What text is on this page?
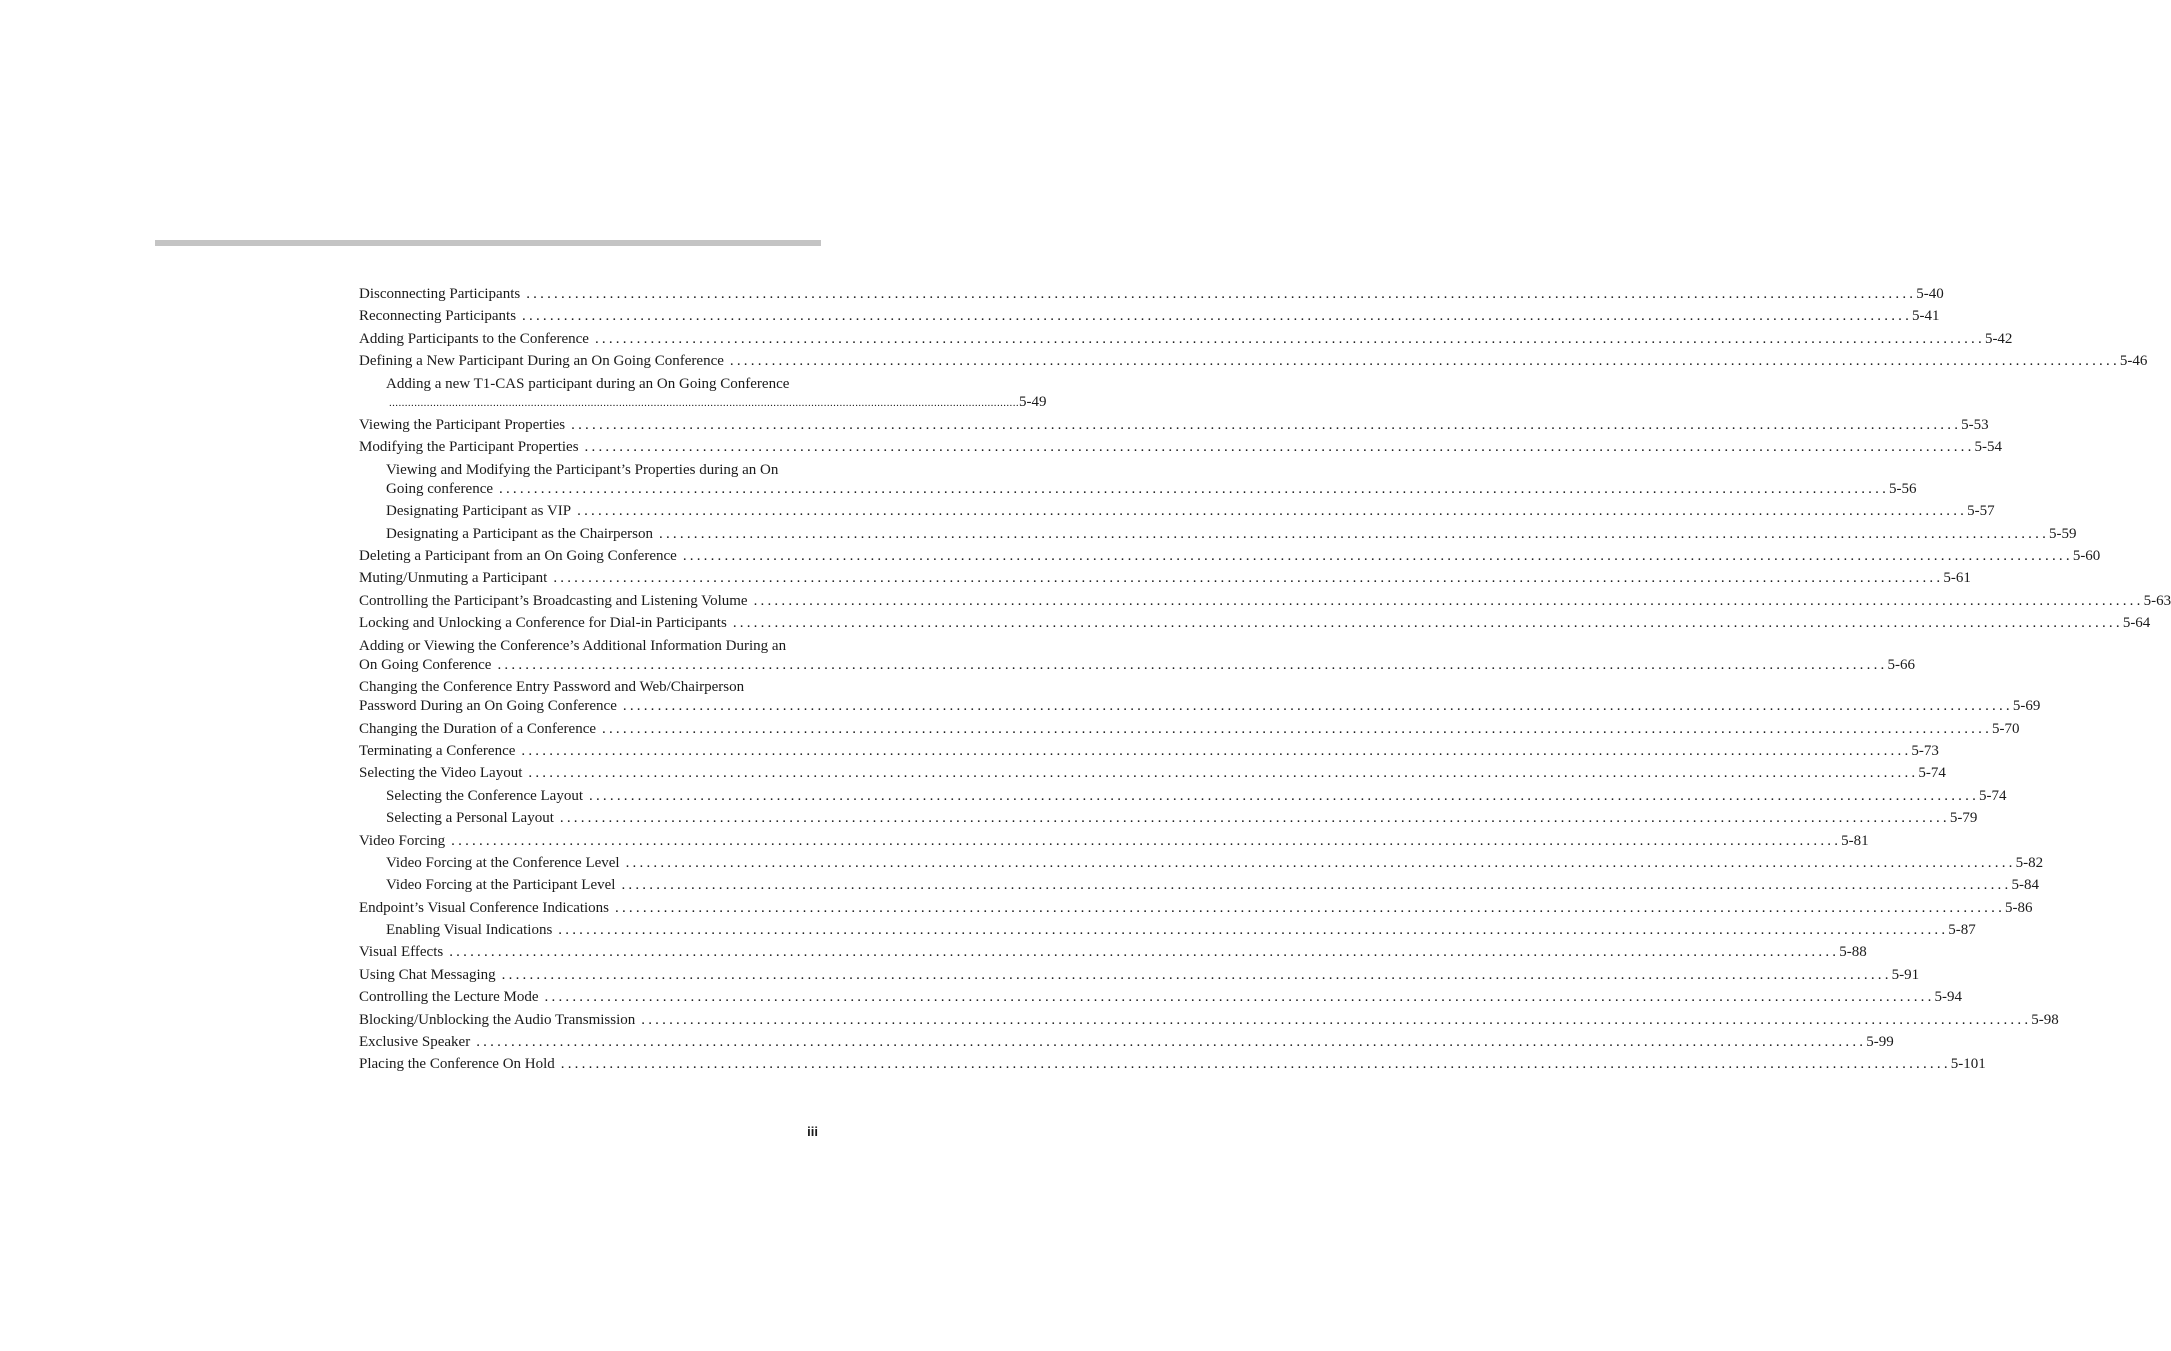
Disconnecting Participants ........................................................................................................................................................................................................ 5-40
Reconnecting Participants ........................................................................................................................................................................................................ 5-41
Adding Participants to the Conference ........................................................................................................................................................................................................ 5-42
Defining a New Participant During an On Going Conference ........................................................................................................................................................................................................ 5-46
Adding a new T1-CAS participant during an On Going Conference
........................................................................................................................................................................................................ 5-49
Viewing the Participant Properties ........................................................................................................................................................................................................ 5-53
Modifying the Participant Properties ........................................................................................................................................................................................................ 5-54
Viewing and Modifying the Participant’s Properties during an On
Going conference ........................................................................................................................................................................................................ 5-56
Designating Participant as VIP ........................................................................................................................................................................................................ 5-57
Designating a Participant as the Chairperson ........................................................................................................................................................................................................ 5-59
Deleting a Participant from an On Going Conference ........................................................................................................................................................................................................ 5-60
Muting/Unmuting a Participant ........................................................................................................................................................................................................ 5-61
Controlling the Participant’s Broadcasting and Listening Volume ........................................................................................................................................................................................................ 5-63
Locking and Unlocking a Conference for Dial-in Participants ........................................................................................................................................................................................................ 5-64
Adding or Viewing the Conference’s Additional Information During an
On Going Conference ........................................................................................................................................................................................................ 5-66
Changing the Conference Entry Password and Web/Chairperson
Password During an On Going Conference ........................................................................................................................................................................................................ 5-69
Changing the Duration of a Conference ........................................................................................................................................................................................................ 5-70
Terminating a Conference ........................................................................................................................................................................................................ 5-73
Selecting the Video Layout ........................................................................................................................................................................................................ 5-74
Selecting the Conference Layout ........................................................................................................................................................................................................ 5-74
Selecting a Personal Layout ........................................................................................................................................................................................................ 5-79
Video Forcing ........................................................................................................................................................................................................ 5-81
Video Forcing at the Conference Level ........................................................................................................................................................................................................ 5-82
Video Forcing at the Participant Level ........................................................................................................................................................................................................ 5-84
Endpoint’s Visual Conference Indications ........................................................................................................................................................................................................ 5-86
Enabling Visual Indications ........................................................................................................................................................................................................ 5-87
Visual Effects ........................................................................................................................................................................................................ 5-88
Using Chat Messaging ........................................................................................................................................................................................................ 5-91
Controlling the Lecture Mode ........................................................................................................................................................................................................ 5-94
Blocking/Unblocking the Audio Transmission ........................................................................................................................................................................................................ 5-98
Exclusive Speaker ........................................................................................................................................................................................................ 5-99
Placing the Conference On Hold ........................................................................................................................................................................................................ 5-101
iii
